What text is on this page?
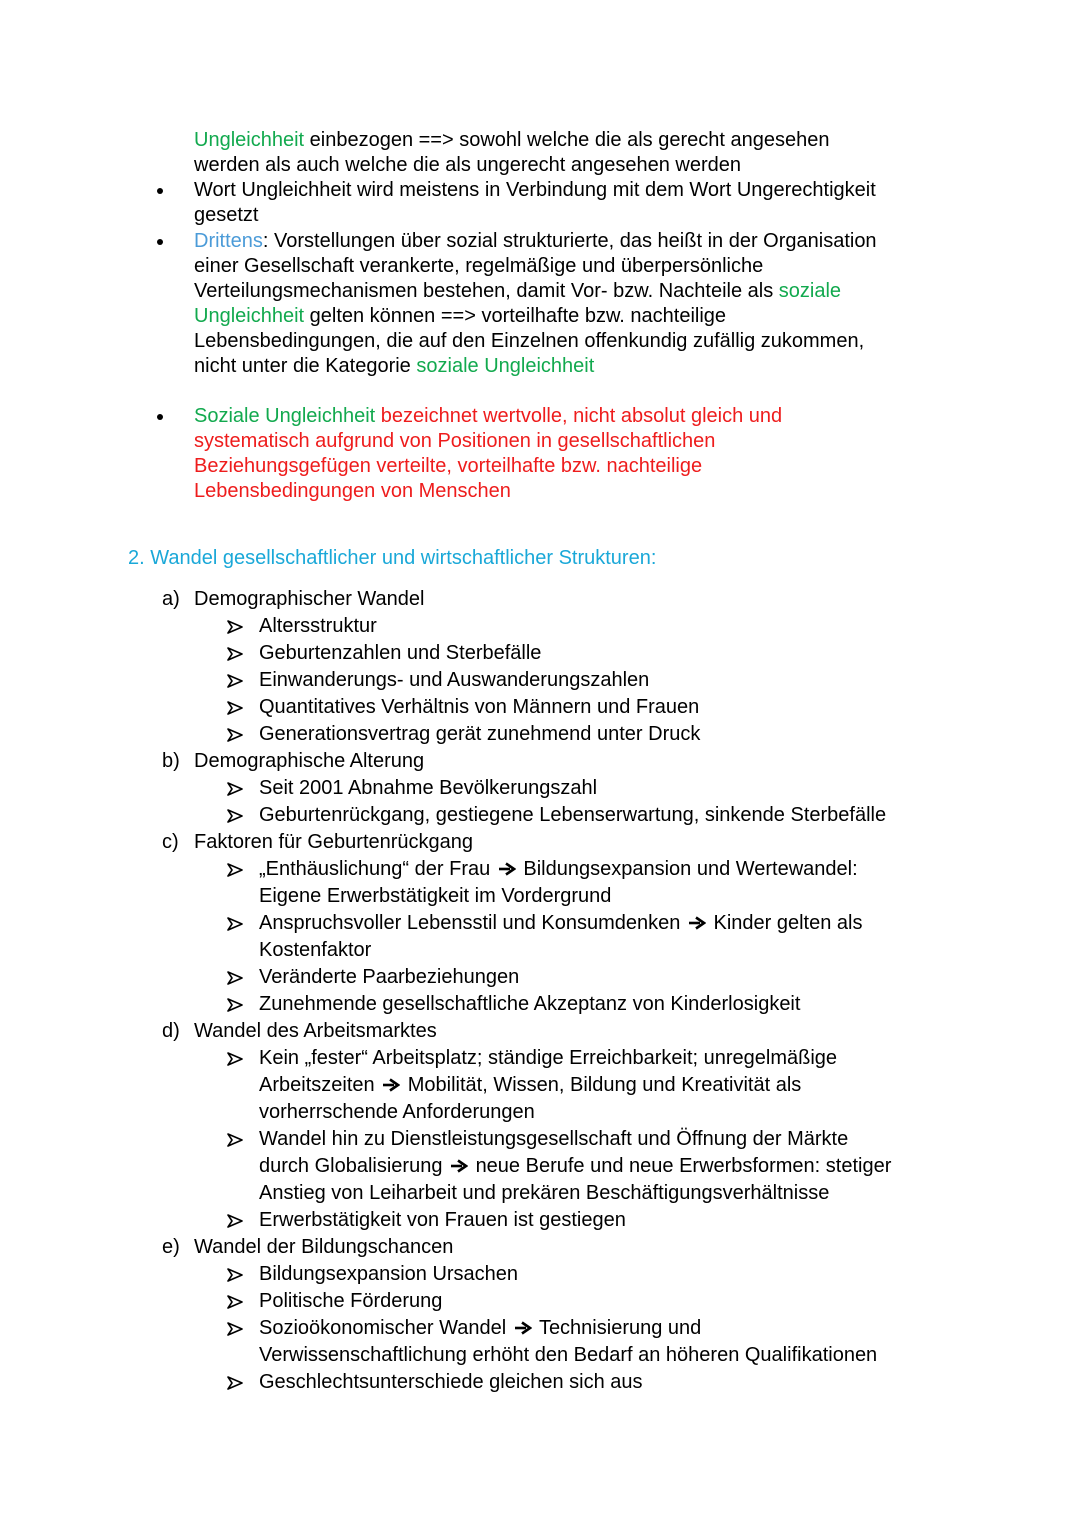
Ungleichheit einbezogen ==> sowohl welche die als gerecht angesehen
werden als auch welche die als ungerecht angesehen werden
Wort Ungleichheit wird meistens in Verbindung mit dem Wort Ungerechtigkeit
gesetzt
Drittens: Vorstellungen über sozial strukturierte, das heißt in der Organisation
einer Gesellschaft verankerte, regelmäßige und überpersönliche
Verteilungsmechanismen bestehen, damit Vor- bzw. Nachteile als soziale
Ungleichheit gelten können ==> vorteilhafte bzw. nachteilige
Lebensbedingungen, die auf den Einzelnen offenkundig zufällig zukommen,
nicht unter die Kategorie soziale Ungleichheit
Soziale Ungleichheit bezeichnet wertvolle, nicht absolut gleich und
systematisch aufgrund von Positionen in gesellschaftlichen
Beziehungsgefügen verteilte, vorteilhafte bzw. nachteilige
Lebensbedingungen von Menschen
2. Wandel gesellschaftlicher und wirtschaftlicher Strukturen:
a) Demographischer Wandel
Altersstruktur
Geburtenzahlen und Sterbefälle
Einwanderungs- und Auswanderungszahlen
Quantitatives Verhältnis von Männern und Frauen
Generationsvertrag gerät zunehmend unter Druck
b) Demographische Alterung
Seit 2001 Abnahme Bevölkerungszahl
Geburtenrückgang, gestiegene Lebenserwartung, sinkende Sterbefälle
c) Faktoren für Geburtenrückgang
„Enthäuslichung“ der Frau Bildungsexpansion und Wertewandel:
Eigene Erwerbstätigkeit im Vordergrund
Anspruchsvoller Lebensstil und Konsumdenken Kinder gelten als
Kostenfaktor
Veränderte Paarbeziehungen
Zunehmende gesellschaftliche Akzeptanz von Kinderlosigkeit
d) Wandel des Arbeitsmarktes
Kein „fester“ Arbeitsplatz; ständige Erreichbarkeit; unregelmäßige
Arbeitszeiten Mobilität, Wissen, Bildung und Kreativität als
vorherrschende Anforderungen
Wandel hin zu Dienstleistungsgesellschaft und Öffnung der Märkte
durch Globalisierung neue Berufe und neue Erwerbsformen: stetiger
Anstieg von Leiharbeit und prekären Beschäftigungsverhältnisse
Erwerbstätigkeit von Frauen ist gestiegen
e) Wandel der Bildungschancen
Bildungsexpansion Ursachen
Politische Förderung
Sozioökonomischer Wandel Technisierung und
Verwissenschaftlichung erhöht den Bedarf an höheren Qualifikationen
Geschlechtsunterschiede gleichen sich aus
